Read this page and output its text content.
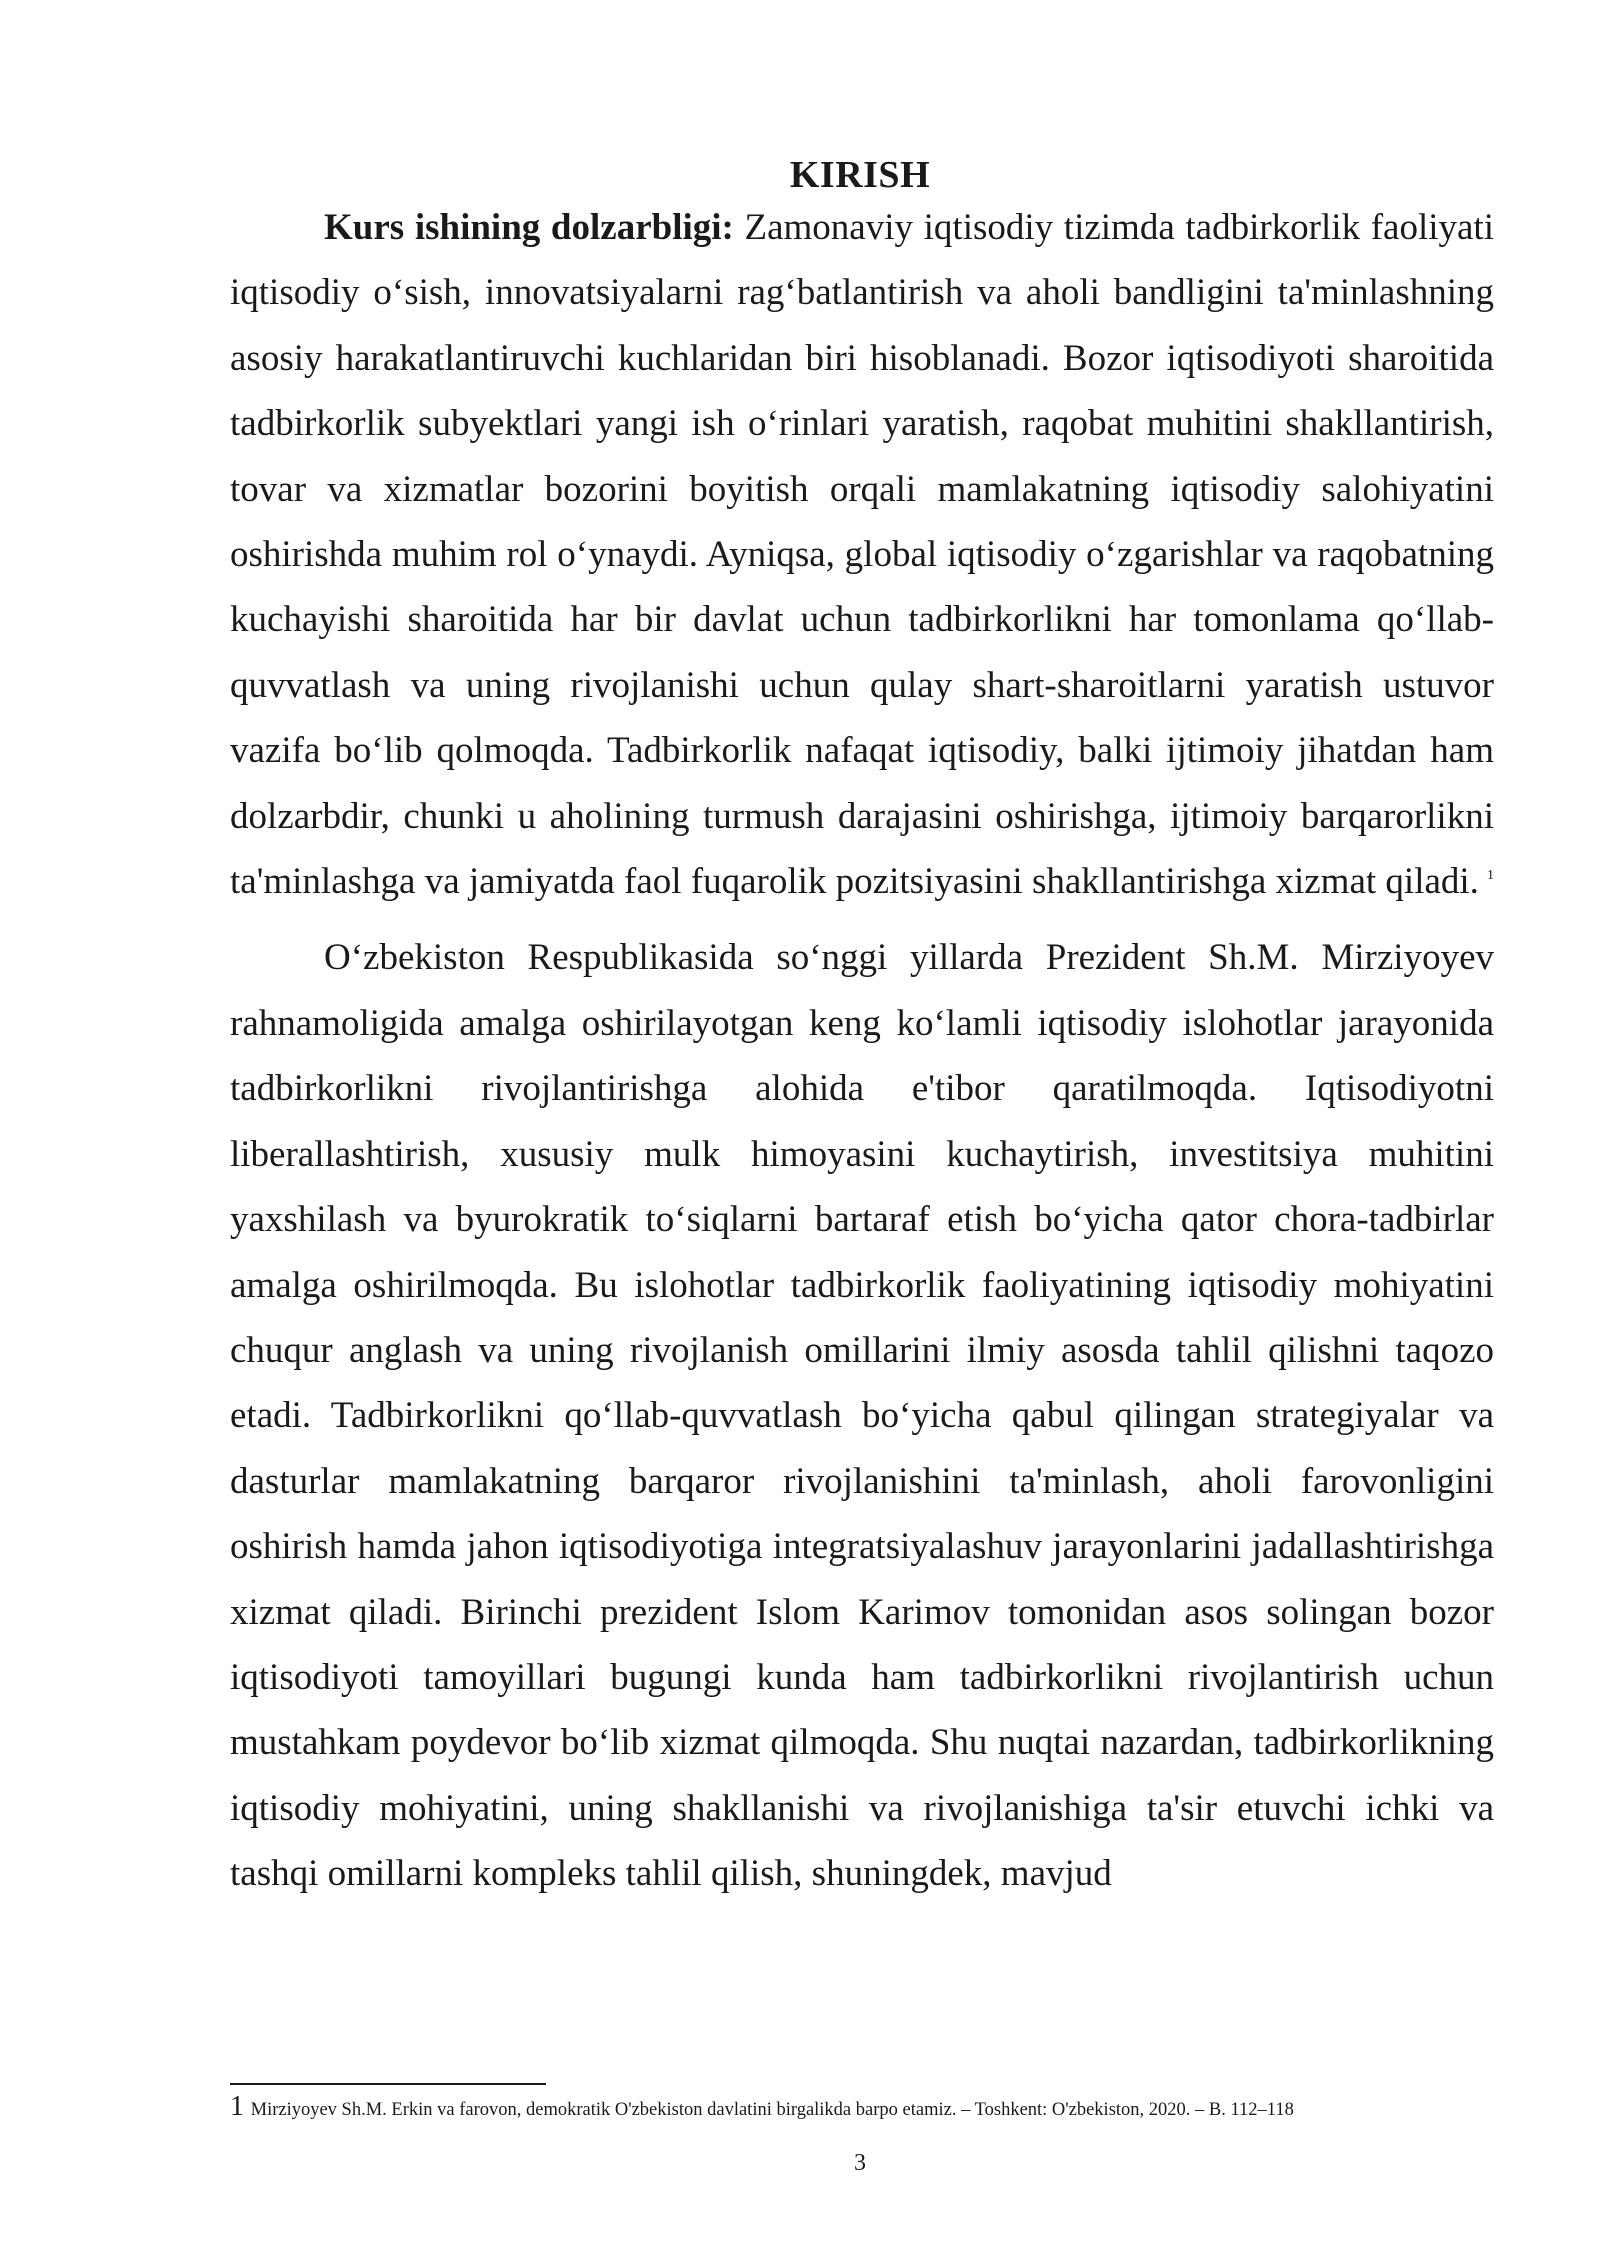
KIRISH

Kurs ishining dolzarbligi: Zamonaviy iqtisodiy tizimda tadbirkorlik faoliyati iqtisodiy o‘sish, innovatsiyalarni rag‘batlantirish va aholi bandligini ta'minlashning asosiy harakatlantiruvchi kuchlaridan biri hisoblanadi. Bozor iqtisodiyoti sharoitida tadbirkorlik subyektlari yangi ish o‘rinlari yaratish, raqobat muhitini shakllantirish, tovar va xizmatlar bozorini boyitish orqali mamlakatning iqtisodiy salohiyatini oshirishda muhim rol o‘ynaydi. Ayniqsa, global iqtisodiy o‘zgarishlar va raqobatning kuchayishi sharoitida har bir davlat uchun tadbirkorlikni har tomonlama qo‘llab-quvvatlash va uning rivojlanishi uchun qulay shart-sharoitlarni yaratish ustuvor vazifa bo‘lib qolmoqda. Tadbirkorlik nafaqat iqtisodiy, balki ijtimoiy jihatdan ham dolzarbdir, chunki u aholining turmush darajasini oshirishga, ijtimoiy barqarorlikni ta'minlashga va jamiyatda faol fuqarolik pozitsiyasini shakllantirishga xizmat qiladi. $^1$

O‘zbekiston Respublikasida so‘nggi yillarda Prezident Sh.M. Mirziyoyev rahnamoligida amalga oshirilayotgan keng ko‘lamli iqtisodiy islohotlar jarayonida tadbirkorlikni rivojlantirishga alohida e'tibor qaratilmoqda. Iqtisodiyotni liberallashtirish, xususiy mulk himoyasini kuchaytirish, investitsiya muhitini yaxshilash va byurokratik to‘siqlarni bartaraf etish bo‘yicha qator chora-tadbirlar amalga oshirilmoqda. Bu islohotlar tadbirkorlik faoliyatining iqtisodiy mohiyatini chuqur anglash va uning rivojlanish omillarini ilmiy asosda tahlil qilishni taqozo etadi. Tadbirkorlikni qo‘llab-quvvatlash bo‘yicha qabul qilingan strategiyalar va dasturlar mamlakatning barqaror rivojlanishini ta'minlash, aholi farovonligini oshirish hamda jahon iqtisodiyotiga integratsiyalashuv jarayonlarini jadallashtirishga xizmat qiladi. Birinchi prezident Islom Karimov tomonidan asos solingan bozor iqtisodiyoti tamoyillari bugungi kunda ham tadbirkorlikni rivojlantirish uchun mustahkam poydevor bo‘lib xizmat qilmoqda. Shu nuqtai nazardan, tadbirkorlikning iqtisodiy mohiyatini, uning shakllanishi va rivojlanishiga ta'sir etuvchi ichki va tashqi omillarni kompleks tahlil qilish, shuningdek, mavjud

1 Mirziyoyev Sh.M. Erkin va farovon, demokratik O'zbekiston davlatini birgalikda barpo etamiz. – Toshkent: O'zbekiston, 2020. – B. 112–118
3
